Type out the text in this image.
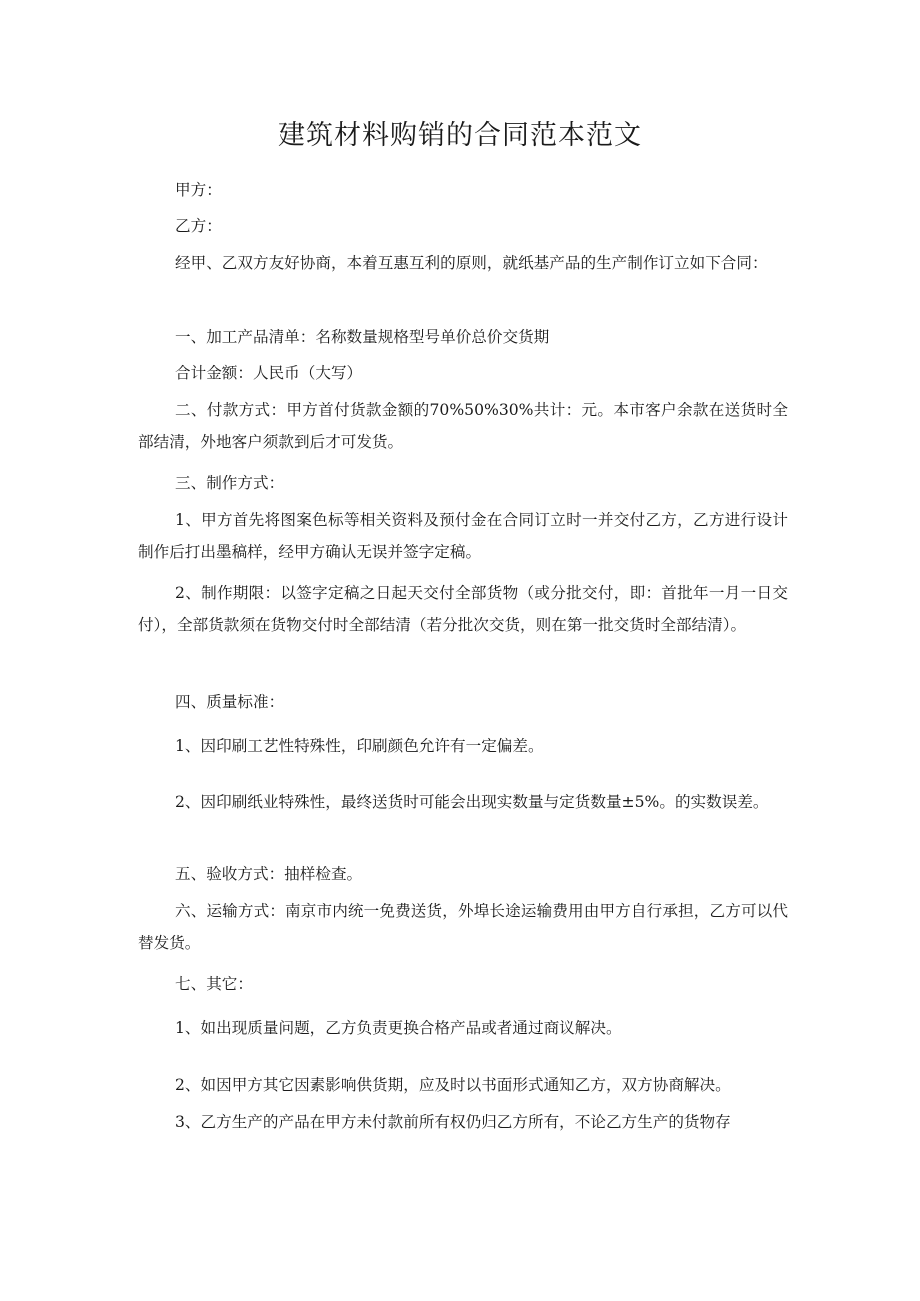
建筑材料购销的合同范本范文

甲方：

乙方：

经甲、乙双方友好协商，本着互惠互利的原则，就纸基产品的生产制作订立如下合同：

一、加工产品清单：名称数量规格型号单价总价交货期

合计金额：人民币（大写）

二、付款方式：甲方首付货款金额的70%50%30%共计：元。本市客户余款在送货时全部结清，外地客户须款到后才可发货。

三、制作方式：

1、甲方首先将图案色标等相关资料及预付金在合同订立时一并交付乙方，乙方进行设计制作后打出墨稿样，经甲方确认无误并签字定稿。

2、制作期限：以签字定稿之日起天交付全部货物（或分批交付，即：首批年一月一日交付），全部货款须在货物交付时全部结清（若分批次交货，则在第一批交货时全部结清）。

四、质量标准：

1、因印刷工艺性特殊性，印刷颜色允许有一定偏差。

2、因印刷纸业特殊性，最终送货时可能会出现实数量与定货数量±5%。的实数误差。

五、验收方式：抽样检查。

六、运输方式：南京市内统一免费送货，外埠长途运输费用由甲方自行承担，乙方可以代替发货。

七、其它：

1、如出现质量问题，乙方负责更换合格产品或者通过商议解决。

2、如因甲方其它因素影响供货期，应及时以书面形式通知乙方，双方协商解决。

3、乙方生产的产品在甲方未付款前所有权仍归乙方所有，不论乙方生产的货物存
